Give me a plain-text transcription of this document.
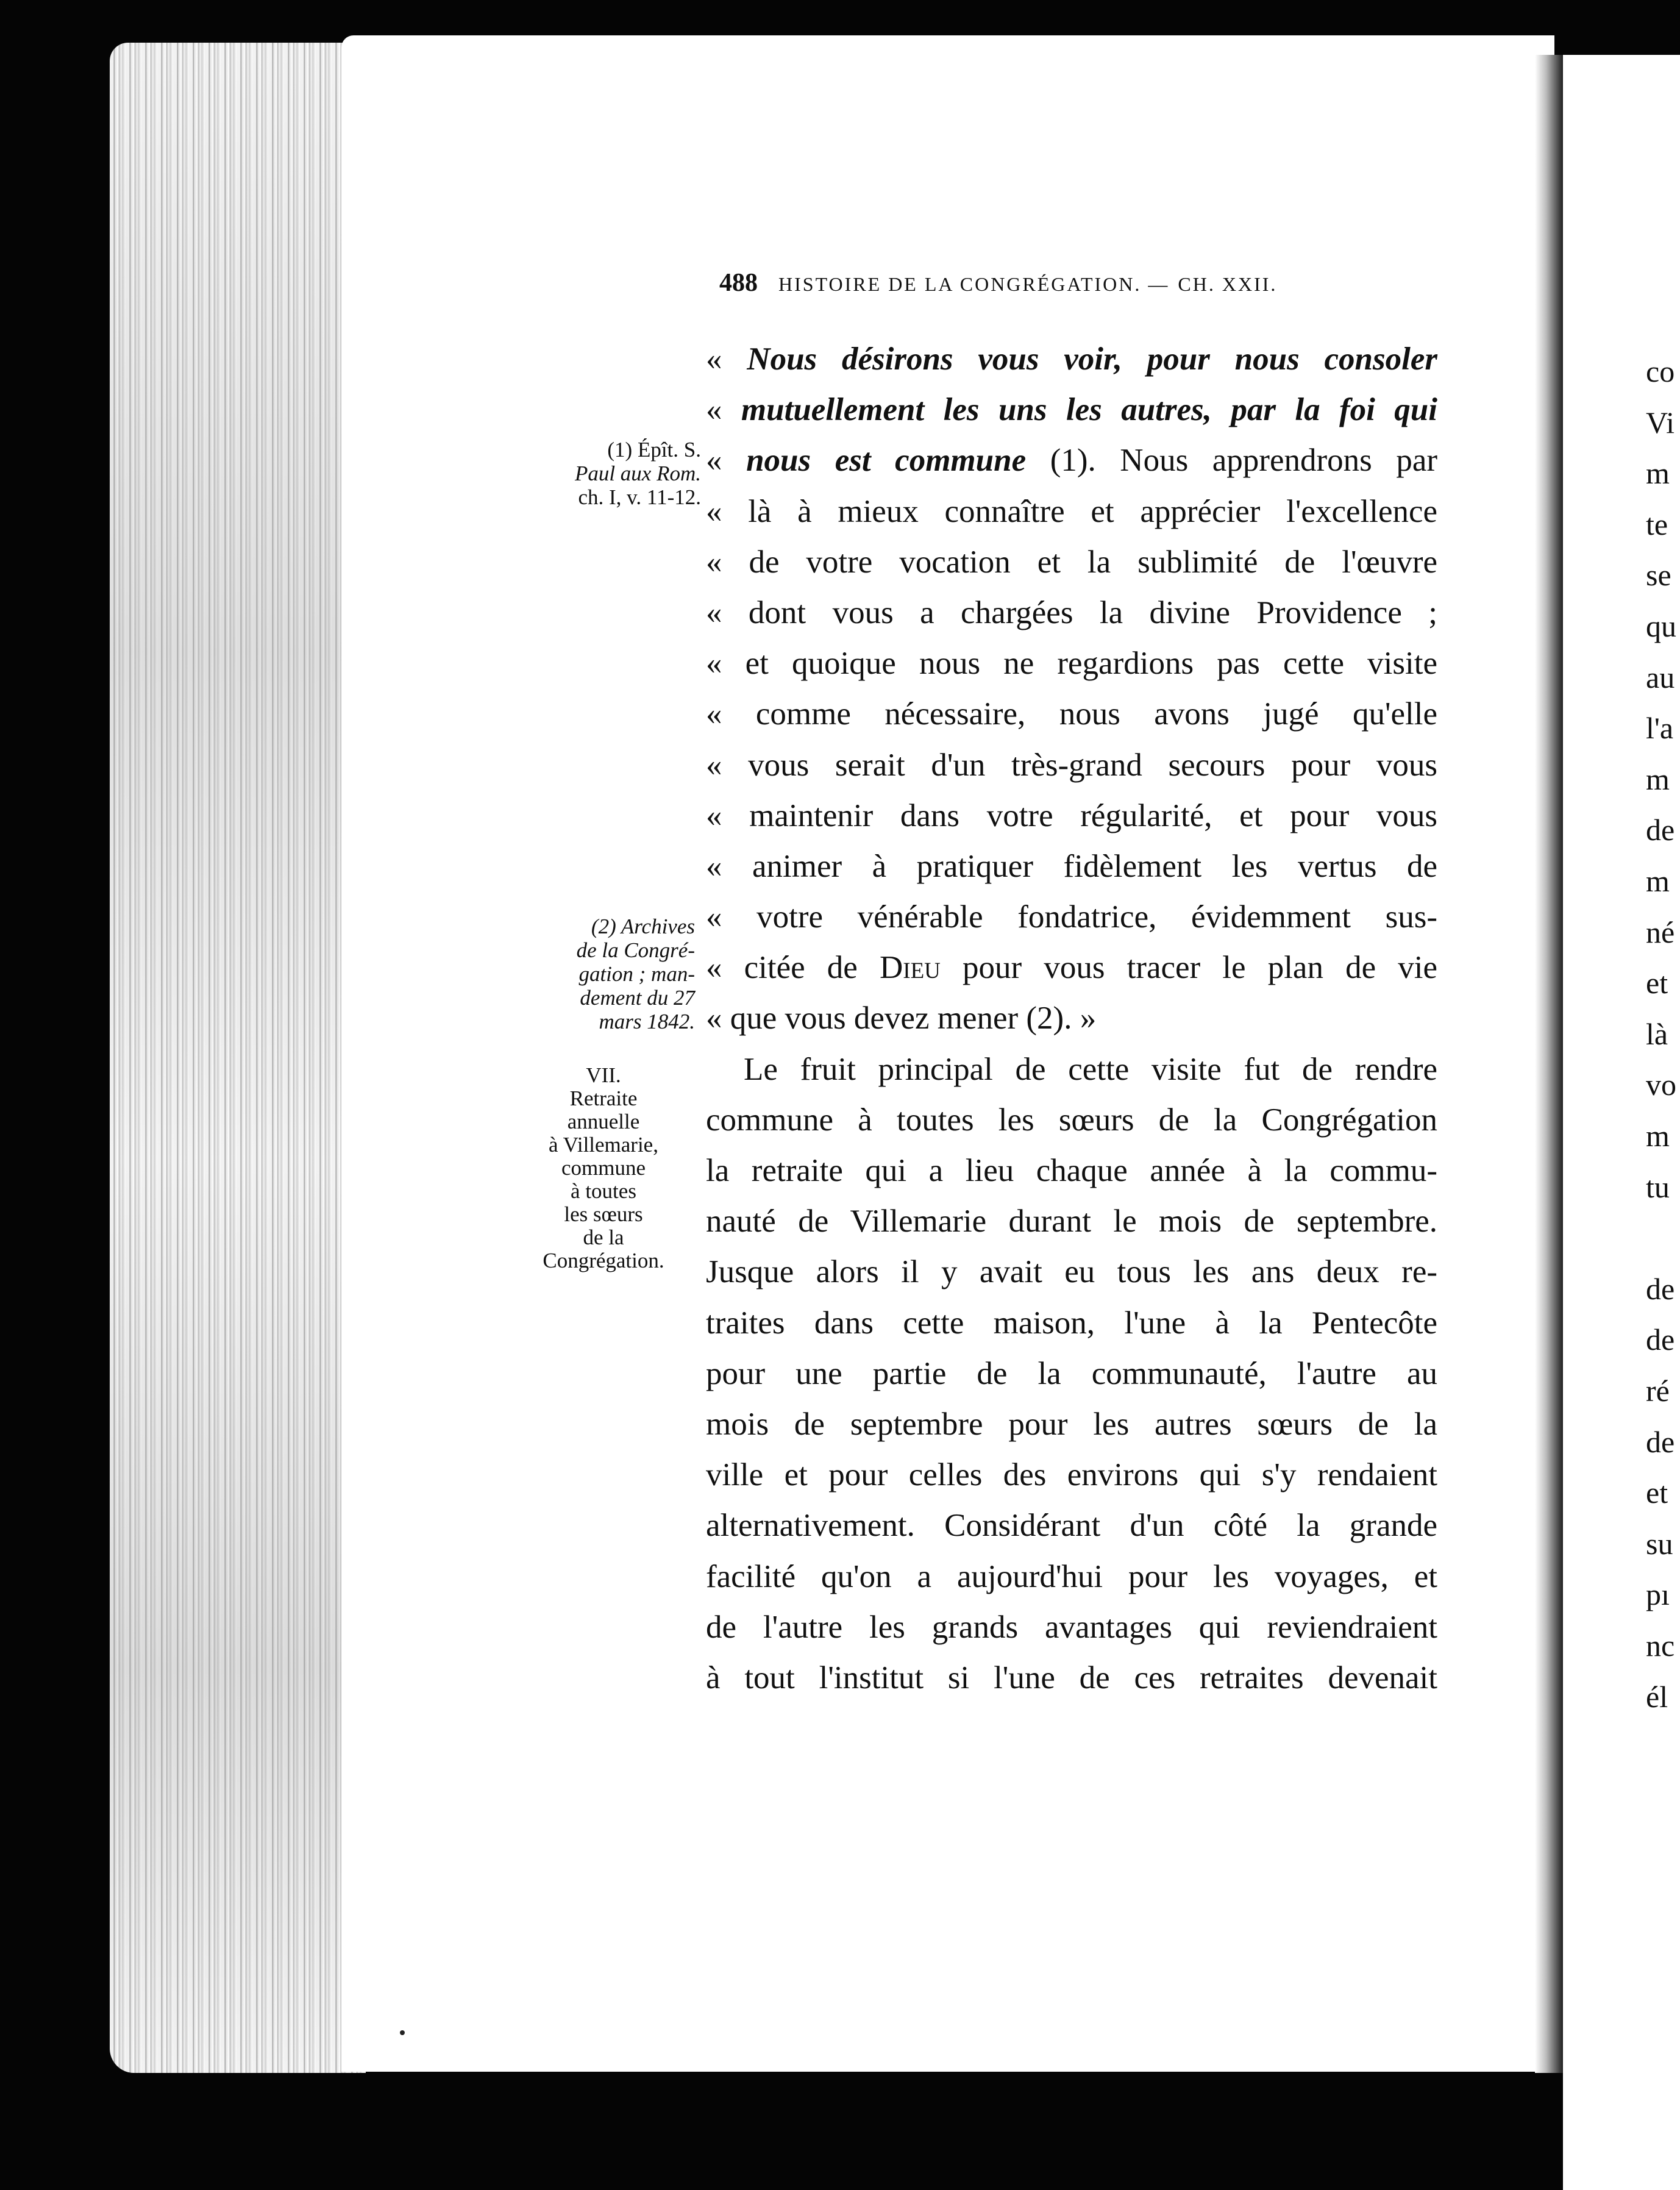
488 HISTOIRE DE LA CONGRÉGATION. — CH. XXII.
« Nous désirons vous voir, pour nous consoler
« mutuellement les uns les autres, par la foi qui
« nous est commune (1). Nous apprendrons par
« là à mieux connaître et apprécier l'excellence
« de votre vocation et la sublimité de l'œuvre
« dont vous a chargées la divine Providence ;
« et quoique nous ne regardions pas cette visite
« comme nécessaire, nous avons jugé qu'elle
« vous serait d'un très-grand secours pour vous
« maintenir dans votre régularité, et pour vous
« animer à pratiquer fidèlement les vertus de
« votre vénérable fondatrice, évidemment sus-
« citée de Dieu pour vous tracer le plan de vie
« que vous devez mener (2). »
Le fruit principal de cette visite fut de rendre
commune à toutes les sœurs de la Congrégation
la retraite qui a lieu chaque année à la commu-
nauté de Villemarie durant le mois de septembre.
Jusque alors il y avait eu tous les ans deux re-
traites dans cette maison, l'une à la Pentecôte
pour une partie de la communauté, l'autre au
mois de septembre pour les autres sœurs de la
ville et pour celles des environs qui s'y rendaient
alternativement. Considérant d'un côté la grande
facilité qu'on a aujourd'hui pour les voyages, et
de l'autre les grands avantages qui reviendraient
à tout l'institut si l'une de ces retraites devenait
(1) Épît. S.
Paul aux Rom.
ch. I, v. 11-12.
(2) Archives
de la Congré-
gation ; man-
dement du 27
mars 1842.
VII.
Retraite
annuelle
à Villemarie,
commune
à toutes
les sœurs
de la
Congrégation.
co
Vi
m
te
se
qu
au
l'a
m
de
m
né
et
là
vo
m
tu
de
de
ré
de
et
su
pı
nc
él
